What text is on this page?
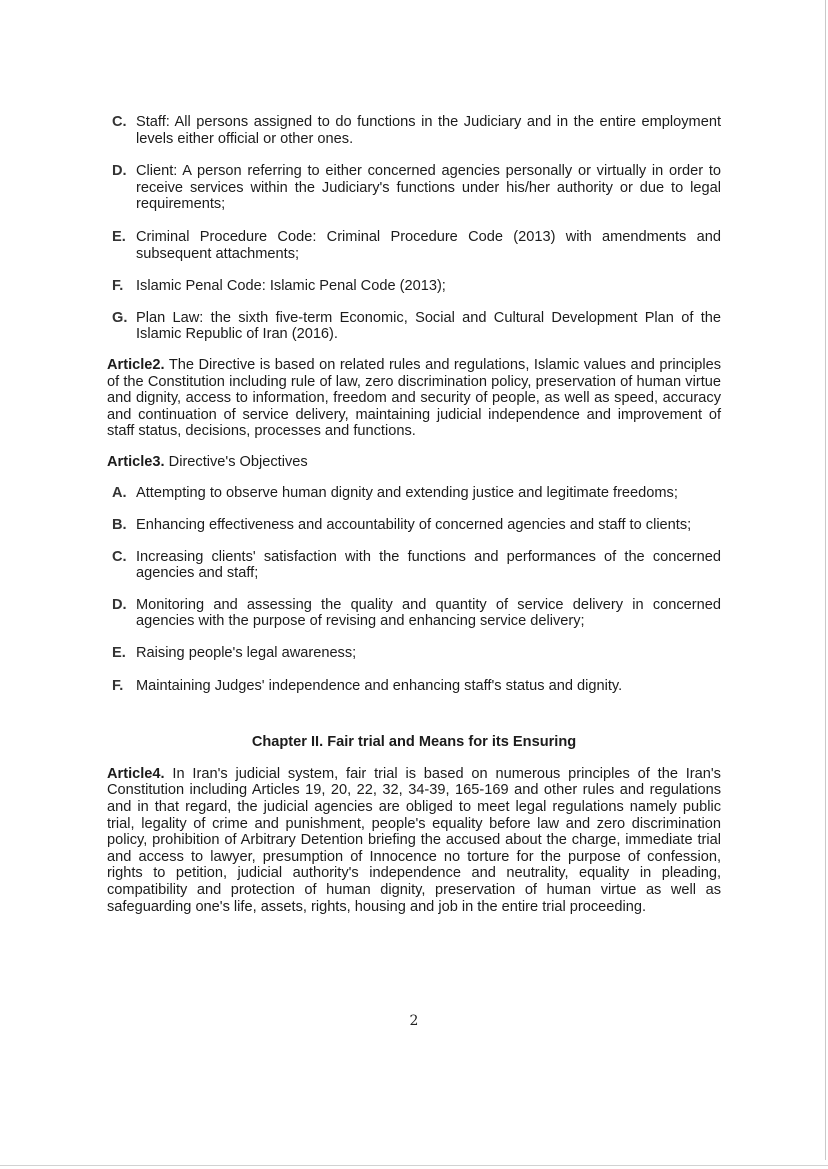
C. Staff: All persons assigned to do functions in the Judiciary and in the entire employment levels either official or other ones.
D. Client: A person referring to either concerned agencies personally or virtually in order to receive services within the Judiciary's functions under his/her authority or due to legal requirements;
E. Criminal Procedure Code: Criminal Procedure Code (2013) with amendments and subsequent attachments;
F. Islamic Penal Code: Islamic Penal Code (2013);
G. Plan Law: the sixth five-term Economic, Social and Cultural Development Plan of the Islamic Republic of Iran (2016).

Article2. The Directive is based on related rules and regulations, Islamic values and principles of the Constitution including rule of law, zero discrimination policy, preservation of human virtue and dignity, access to information, freedom and security of people, as well as speed, accuracy and continuation of service delivery, maintaining judicial independence and improvement of staff status, decisions, processes and functions.

Article3. Directive's Objectives

A. Attempting to observe human dignity and extending justice and legitimate freedoms;
B. Enhancing effectiveness and accountability of concerned agencies and staff to clients;
C. Increasing clients' satisfaction with the functions and performances of the concerned agencies and staff;
D. Monitoring and assessing the quality and quantity of service delivery in concerned agencies with the purpose of revising and enhancing service delivery;
E. Raising people's legal awareness;
F. Maintaining Judges' independence and enhancing staff's status and dignity.
Chapter II. Fair trial and Means for its Ensuring

Article4. In Iran's judicial system, fair trial is based on numerous principles of the Iran's Constitution including Articles 19, 20, 22, 32, 34-39, 165-169 and other rules and regulations and in that regard, the judicial agencies are obliged to meet legal regulations namely public trial, legality of crime and punishment, people's equality before law and zero discrimination policy, prohibition of Arbitrary Detention briefing the accused about the charge, immediate trial and access to lawyer, presumption of Innocence no torture for the purpose of confession, rights to petition, judicial authority's independence and neutrality, equality in pleading, compatibility and protection of human dignity, preservation of human virtue as well as safeguarding one's life, assets, rights, housing and job in the entire trial proceeding.

2
